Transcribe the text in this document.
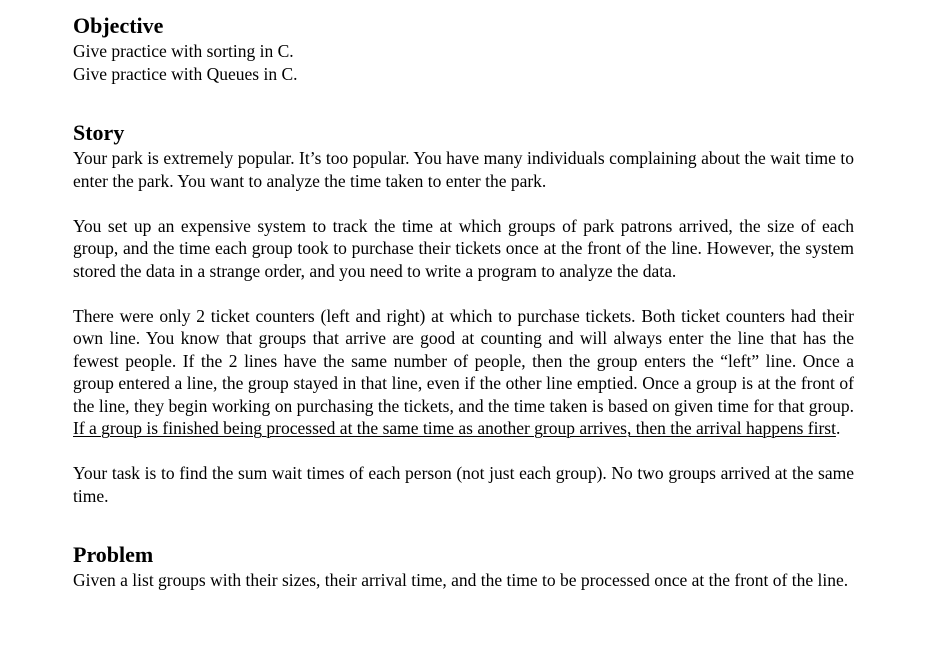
Objective
Give practice with sorting in C.
Give practice with Queues in C.
Story

Your park is extremely popular. It’s too popular. You have many individuals complaining about the wait time to enter the park. You want to analyze the time taken to enter the park.

You set up an expensive system to track the time at which groups of park patrons arrived, the size of each group, and the time each group took to purchase their tickets once at the front of the line. However, the system stored the data in a strange order, and you need to write a program to analyze the data.

There were only 2 ticket counters (left and right) at which to purchase tickets. Both ticket counters had their own line. You know that groups that arrive are good at counting and will always enter the line that has the fewest people. If the 2 lines have the same number of people, then the group enters the “left” line. Once a group entered a line, the group stayed in that line, even if the other line emptied. Once a group is at the front of the line, they begin working on purchasing the tickets, and the time taken is based on given time for that group. If a group is finished being processed at the same time as another group arrives, then the arrival happens first.

Your task is to find the sum wait times of each person (not just each group). No two groups arrived at the same time.

Problem

Given a list groups with their sizes, their arrival time, and the time to be processed once at the front of the line.
